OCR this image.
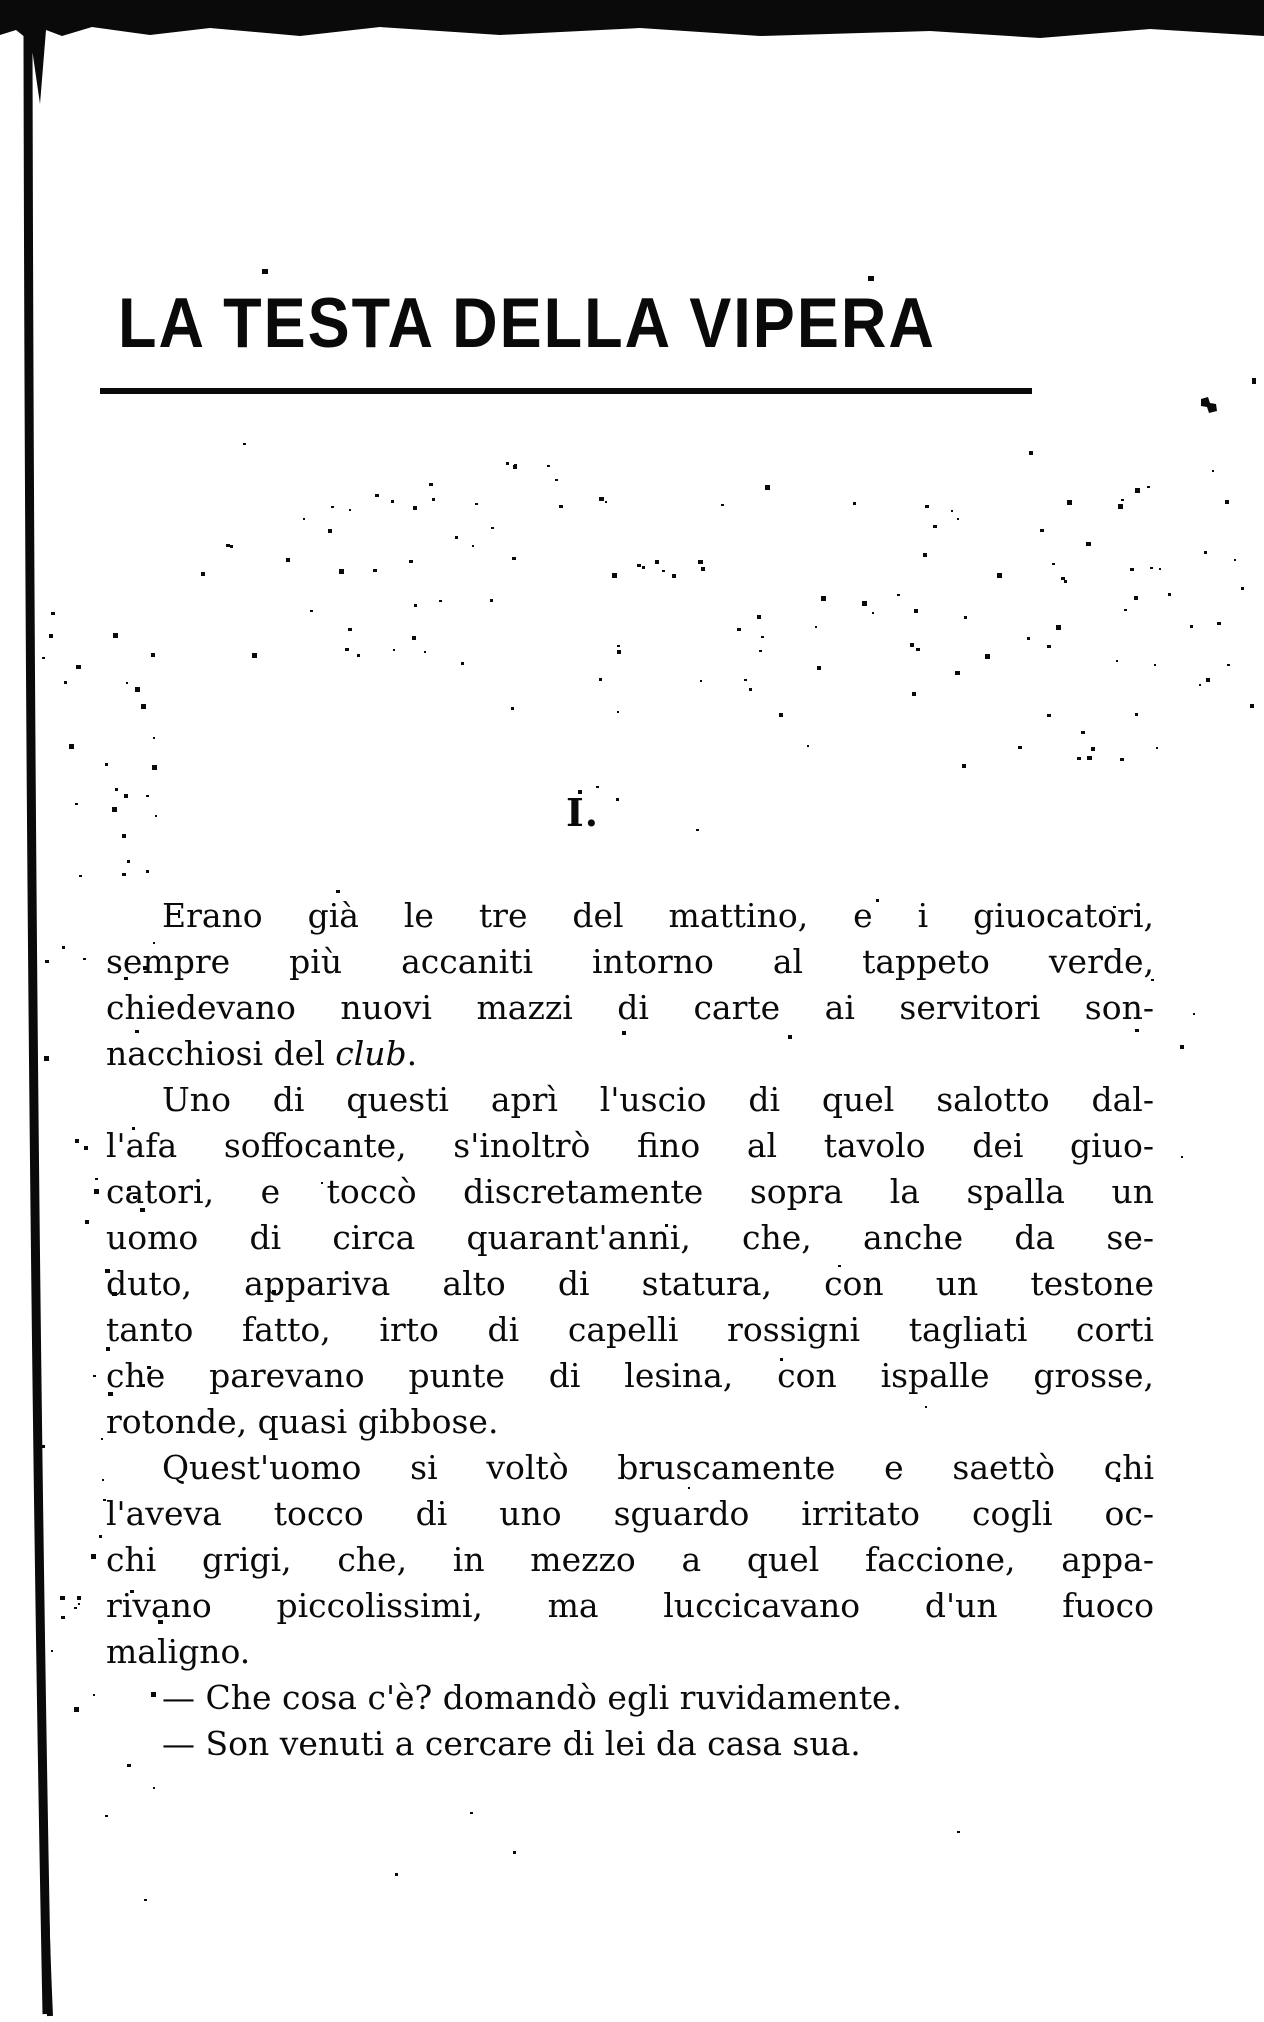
LA TESTA DELLA VIPERA
I.
Erano già le tre del mattino, e i giuocatori,
sempre più accaniti intorno al tappeto verde,
chiedevano nuovi mazzi di carte ai servitori son-
nacchiosi del club.
Uno di questi aprì l'uscio di quel salotto dal-
l'afa soffocante, s'inoltrò fino al tavolo dei giuo-
catori, e toccò discretamente sopra la spalla un
uomo di circa quarant'anni, che, anche da se-
duto, appariva alto di statura, con un testone
tanto fatto, irto di capelli rossigni tagliati corti
che parevano punte di lesina, con ispalle grosse,
rotonde, quasi gibbose.
Quest'uomo si voltò bruscamente e saettò chi
l'aveva tocco di uno sguardo irritato cogli oc-
chi grigi, che, in mezzo a quel faccione, appa-
rivano piccolissimi, ma luccicavano d'un fuoco
maligno.
— Che cosa c'è? domandò egli ruvidamente.
— Son venuti a cercare di lei da casa sua.
